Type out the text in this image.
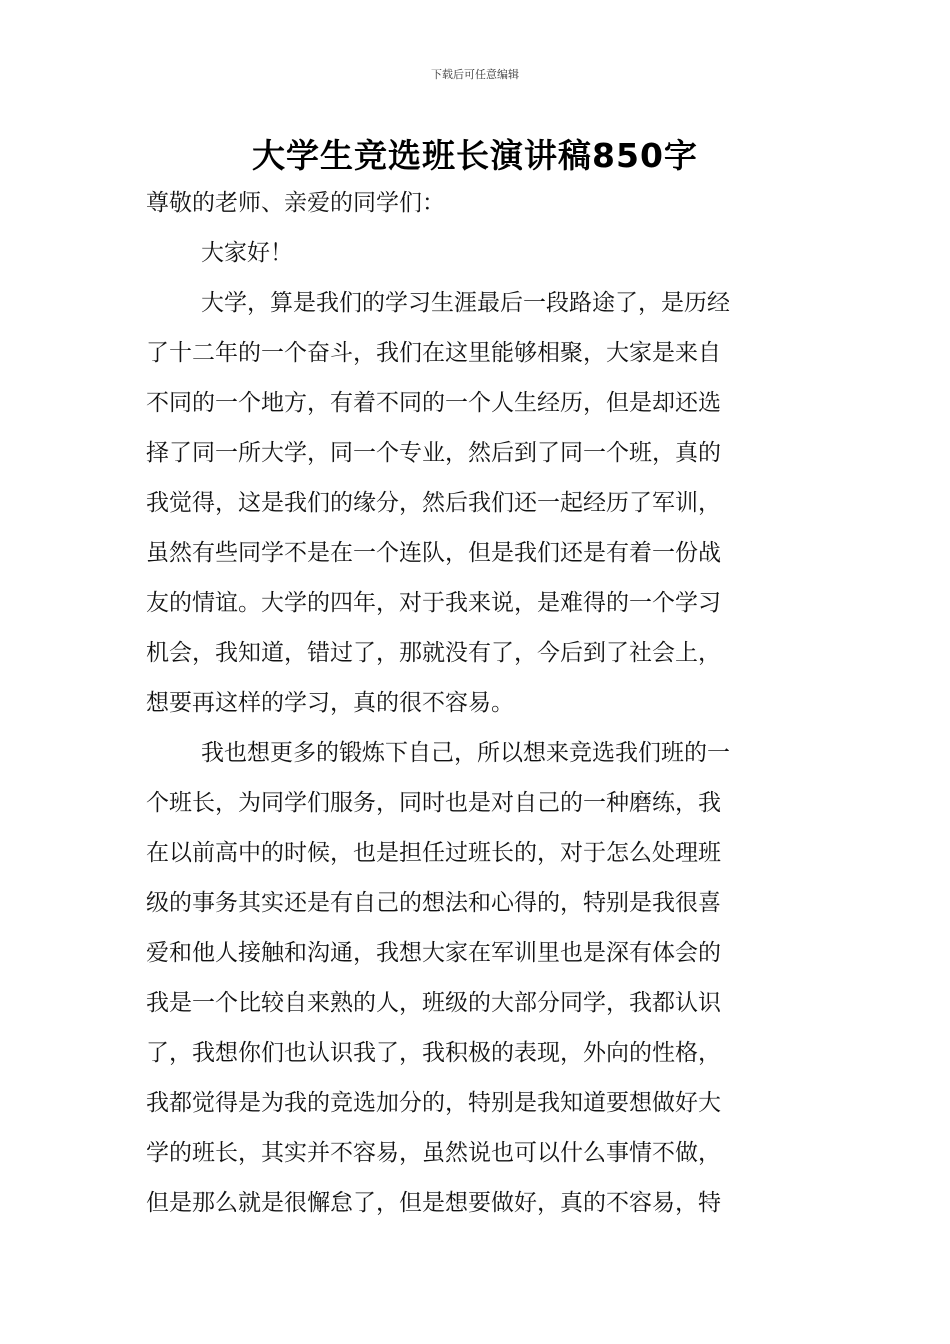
下载后可任意编辑
大学生竞选班长演讲稿850字
尊敬的老师、亲爱的同学们：
大家好！
大学，算是我们的学习生涯最后一段路途了，是历经
了十二年的一个奋斗，我们在这里能够相聚，大家是来自
不同的一个地方，有着不同的一个人生经历，但是却还选
择了同一所大学，同一个专业，然后到了同一个班，真的
我觉得，这是我们的缘分，然后我们还一起经历了军训，
虽然有些同学不是在一个连队，但是我们还是有着一份战
友的情谊。大学的四年，对于我来说，是难得的一个学习
机会，我知道，错过了，那就没有了，今后到了社会上，
想要再这样的学习，真的很不容易。
我也想更多的锻炼下自己，所以想来竞选我们班的一
个班长，为同学们服务，同时也是对自己的一种磨练，我
在以前高中的时候，也是担任过班长的，对于怎么处理班
级的事务其实还是有自己的想法和心得的，特别是我很喜
爱和他人接触和沟通，我想大家在军训里也是深有体会的
我是一个比较自来熟的人，班级的大部分同学，我都认识
了，我想你们也认识我了，我积极的表现，外向的性格，
我都觉得是为我的竞选加分的，特别是我知道要想做好大
学的班长，其实并不容易，虽然说也可以什么事情不做，
但是那么就是很懈怠了，但是想要做好，真的不容易，特
